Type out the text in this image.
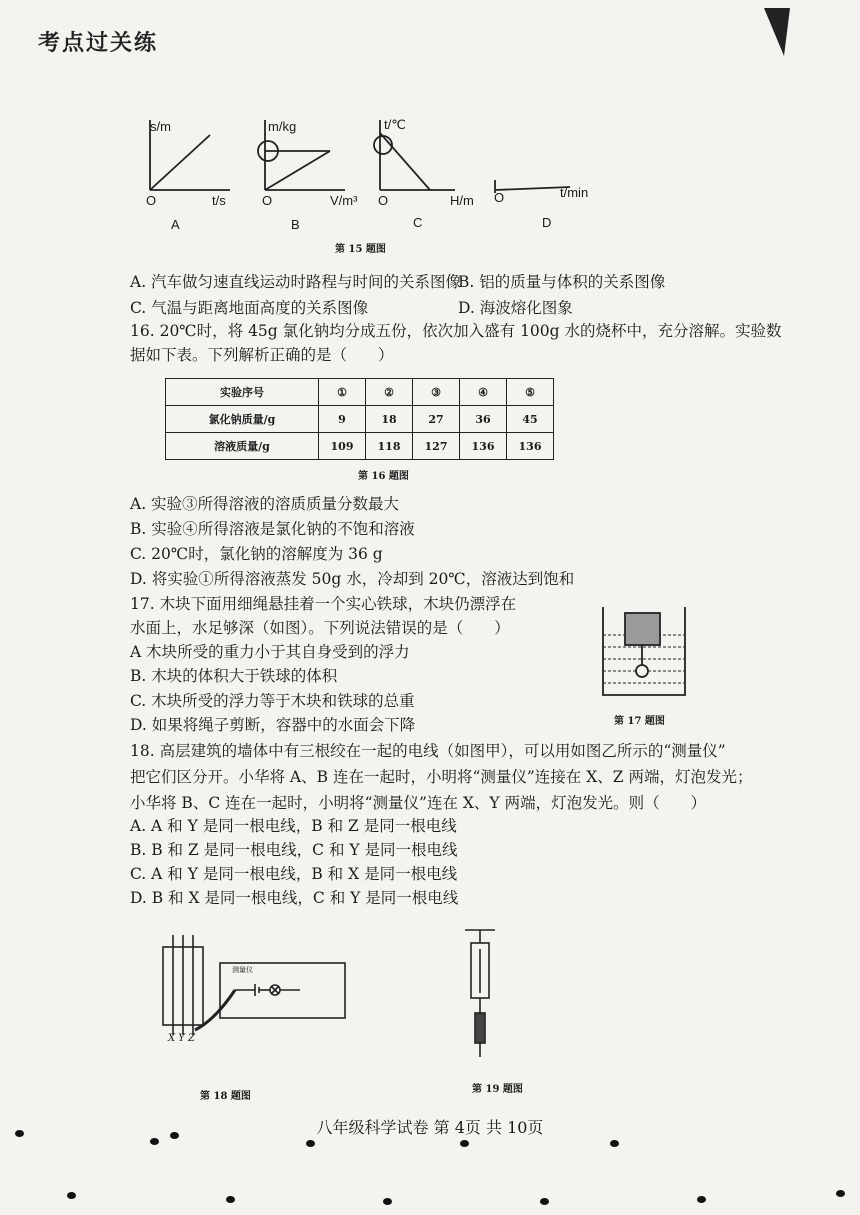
考点过关练
s/m
t/s
O
m/kg
V/m³
O
t/℃
H/m
O
t/min
O
A	B	C	D
第 15 题图
A. 汽车做匀速直线运动时路程与时间的关系图像
B. 铝的质量与体积的关系图像
C. 气温与距离地面高度的关系图像	D. 海波熔化图象
16. 20℃时，将 45g 氯化钠均分成五份，依次加入盛有 100g 水的烧杯中，充分溶解。实验数
据如下表。下列解析正确的是（　　）
实验序号	①	②	③	④	⑤
氯化钠质量/g	9	18	27	36	45
溶液质量/g	109	118	127	136	136
第 16 题图
A. 实验③所得溶液的溶质质量分数最大
B. 实验④所得溶液是氯化钠的不饱和溶液
C. 20℃时，氯化钠的溶解度为 36 g
D. 将实验①所得溶液蒸发 50g 水，冷却到 20℃，溶液达到饱和
17. 木块下面用细绳悬挂着一个实心铁球，木块仍漂浮在
水面上，水足够深（如图）。下列说法错误的是（　　）
A 木块所受的重力小于其自身受到的浮力
B. 木块的体积大于铁球的体积
C. 木块所受的浮力等于木块和铁球的总重
D. 如果将绳子剪断，容器中的水面会下降	第 17 题图
18. 高层建筑的墙体中有三根绞在一起的电线（如图甲），可以用如图乙所示的“测量仪”
把它们区分开。小华将 A、B 连在一起时，小明将“测量仪”连接在 X、Z 两端，灯泡发光；
小华将 B、C 连在一起时，小明将“测量仪”连在 X、Y 两端，灯泡发光。则（　　）
A. A 和 Y 是同一根电线，B 和 Z 是同一根电线
B. B 和 Z 是同一根电线，C 和 Y 是同一根电线
C. A 和 Y 是同一根电线，B 和 X 是同一根电线
D. B 和 X 是同一根电线，C 和 Y 是同一根电线
测量仪
X Y Z
第 18 题图
第 19 题图
八年级科学试卷 第 4页 共 10页
